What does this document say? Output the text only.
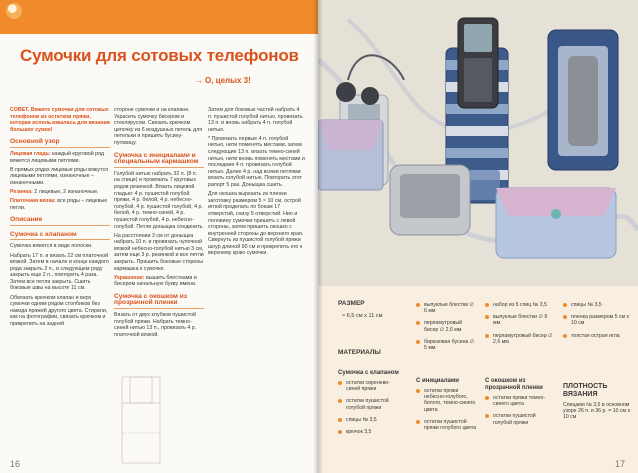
Сумочки для сотовых телефонов
→ О, целых 3!

СОВЕТ. Вяжите сумочки для сотовых телефонов из остатков пряжи, которая использовалась для вязания больших сумок!

Основной узор

Лицевая гладь: каждый круговой ряд вяжется лицевыми петлями.

В прямых рядах лицевые ряды вяжутся лицевыми петлями, изнаночные – изнаночными.

Резинка: 2 лицевые, 2 изнаночные.

Платочная вязка: все ряды – лицевые петли.

Описание
Сумочка с клапаном

Сумочка вяжется в виде полоски.

Набрать 17 п. и вязать 22 см платочной вязкой. Затем в начале и конце каждого ряда закрыть 2 п., в следующем ряду закрыть еще 2 п., повторить 4 раза. Затем все петли закрыть. Сшить боковые швы на высоте 11 см.

Обвязать крючком клапан и верх сумочки одним рядом столбиков без накида пряжей другого цвета. Стирали, как на фотографии, связать крючком и прикрепить на задней

стороне сумочки и на клапане. Украсить сумочку бисером и стеклярусом. Связать крючком цепочку из 6 воздушных петель для петельки и пришить бусину-пуговицу.

Сумочка с инициалами и специальным кармашком

Голубой нитью набрать 32 п. (8 п. на спице) и провязать 7 круговых рядов резинкой. Вязать лицевой гладью: 4 р. пушистой голубой пряжи, 4 р. белой, 4 р. небесно-голубой, 4 р. пушистой голубой, 4 р. белой, 4 р. темно-синей, 4 р. пушистой голубой, 4 р. небесно-голубой. Петли доныщка соединить.

На расстоянии 3 см от доныщка набрать 10 п. и провязать чулочной вязкой небесно-голубой нитью 3 см, затем еще 3 р. резинкой и все петли закрыть. Пришить боковые стороны кармашка к сумочке.

Украшение: вышить блестками и бисером начальную букву имени.

Сумочка с окошком из прозрачной пленки

Вязать от двух клубков пушистой голубой пряжи. Набрать темно-синей нитью 13 п., провязать 4 р. платочной вязкой.

Затем для боковых частей набрать 4 п. пушистой голубой нитью, провязать 13 п. и вновь набрать 4 п. голубой нитью.

* Провязать первые 4 п. голубой нитью, нити поменять местами, затем следующие 13 п. вязать темно-синей нитью, нити вновь поменять местами и последние 4 п. провязать голубой нитью. Далее 4 р. над всеми петлями вязать голубой нитью. Повторить этот рапорт 5 раз. Доныщка сшить.

Для окошка вырезать из пленки заготовку размером 5 × 10 см, острой иглой проделать по бокам 17 отверстий, снизу 5 отверстий. Нио и половину сумочки пришить с левой стороны, затем пришить окошко с внутренней стороны до верхнего края. Свернуть из пушистой голубой пряжи шнур длиной 90 см и прикрепить его к верхнему краю сумочки.

16
РАЗМЕР
≈ 6,5 см х 11 см
МАТЕРИАЛЫ
Сумочка с клапаном
остатки сиренево-синей пряжи
остатки пушистой голубой пряжи
спицы № 3,5
крючок 3,5
выпуклые блестки ∅ 6 мм
перламутровый бисер ∅ 2,6 мм
бирюзовая бусина ∅ 5 мм
набор из 5 спиц № 3,5
выпуклые блестки ∅ 6 мм
перламутровый бисер ∅ 2,6 мм
спицы № 3,5
пленка размером 5 см х 10 см
толстая острая игла
С инициалами
остатки пряжи небесно-голубого, белого, темно-синего цвета
остатки пушистой пряжи голубого цвета
С окошком из прозрачной пленки
остатки пряжи темно-синего цвета
остатки пушистой голубой пряжи
ПЛОТНОСТЬ ВЯЗАНИЯ
Спицами № 3,5 в основном узоре 26 п. и 36 р. = 10 см х 10 см
17
